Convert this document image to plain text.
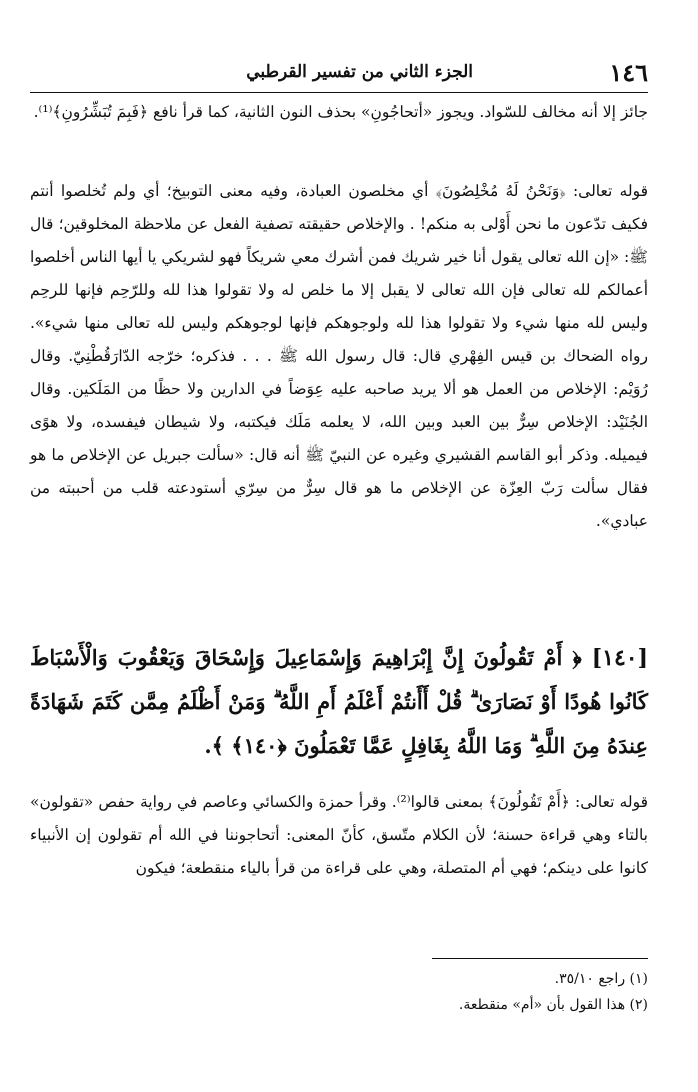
١٤٦
الجزء الثاني من تفسير القرطبي

جائز إلا أنه مخالف للسّواد. ويجوز «أتحاجُونِ» بحذف النون الثانية، كما قرأ نافع ﴿فَبِمَ تُبَشِّرُونِ﴾⁽¹⁾.

قوله تعالى: ﴿وَنَحْنُ لَهُ مُخْلِصُونَ﴾ أي مخلصون العبادة، وفيه معنى التوبيخ؛ أي ولم تُخلصوا أنتم فكيف تدّعون ما نحن أَوْلى به منكم! . والإخلاص حقيقته تصفية الفعل عن ملاحظة المخلوقين؛ قال ﷺ: «إن الله تعالى يقول أنا خير شريك فمن أشرك معي شريكاً فهو لشريكي يا أيها الناس أخلصوا أعمالكم لله تعالى فإن الله تعالى لا يقبل إلا ما خلص له ولا تقولوا هذا لله وللرّحِم فإنها للرحِم وليس لله منها شيء ولا تقولوا هذا لله ولوجوهكم فإنها لوجوهكم وليس لله تعالى منها شيء». رواه الضحاك بن قيس الفِهْري قال: قال رسول الله ﷺ . . . فذكره؛ خرّجه الدّارَقُطْنِيّ. وقال رُوَيْم: الإخلاص من العمل هو ألا يريد صاحبه عليه عِوَضاً في الدارين ولا حظًا من المَلَكين. وقال الجُنَيْد: الإخلاص سِرٌّ بين العبد وبين الله، لا يعلمه مَلَك فيكتبه، ولا شيطان فيفسده، ولا هوًى فيميله. وذكر أبو القاسم القشيري وغيره عن النبيّ ﷺ أنه قال: «سألت جبريل عن الإخلاص ما هو فقال سألت رَبّ العِزّة عن الإخلاص ما هو قال سِرٌّ من سِرّي أستودعته قلب من أحببته من عبادي».

[١٤٠] ﴿ أَمْ تَقُولُونَ إِنَّ إِبْرَاهِيمَ وَإِسْمَاعِيلَ وَإِسْحَاقَ وَيَعْقُوبَ وَالْأَسْبَاطَ كَانُوا هُودًا أَوْ نَصَارَىٰ ۗ قُلْ أَأَنتُمْ أَعْلَمُ أَمِ اللَّهُ ۗ وَمَنْ أَظْلَمُ مِمَّن كَتَمَ شَهَادَةً عِندَهُ مِنَ اللَّهِ ۗ وَمَا اللَّهُ بِغَافِلٍ عَمَّا تَعْمَلُونَ ﴿١٤٠﴾ ﴾.

قوله تعالى: ﴿أَمْ تَقُولُونَ﴾ بمعنى قالوا⁽²⁾. وقرأ حمزة والكسائي وعاصم في رواية حفص «تقولون» بالتاء وهي قراءة حسنة؛ لأن الكلام متّسق، كأنّ المعنى: أتحاجوننا في الله أم تقولون إن الأنبياء كانوا على دينكم؛ فهي أم المتصلة، وهي على قراءة من قرأ بالياء منقطعة؛ فيكون

(١) راجع ٣٥/١٠.
(٢) هذا القول بأن «أم» منقطعة.
